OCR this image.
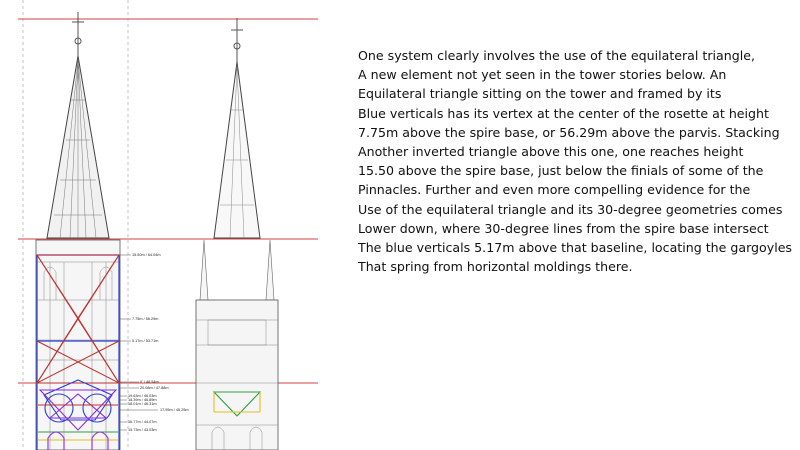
15.50m / 64.04m
7.75m / 56.29m
5.17m / 53.71m
0' / 48.54m
20.08m / 47.88m
19.63m / 46.03m
18.39m / 46.89m
18.01m / 46.31m
17.95m / 45.25m
16.77m / 44.07m
15.73m / 43.03m
One system clearly involves the use of the equilateral triangle,
A new element not yet seen in the tower stories below. An
Equilateral triangle sitting on the tower and framed by its
Blue verticals has its vertex at the center of the rosette at height
7.75m above the spire base, or 56.29m above the parvis. Stacking
Another inverted triangle above this one, one reaches height
15.50 above the spire base, just below the finials of some of the
Pinnacles. Further and even more compelling evidence for the
Use of the equilateral triangle and its 30-degree geometries comes
Lower down, where 30-degree lines from the spire base intersect
The blue verticals 5.17m above that baseline, locating the gargoyles
That spring from horizontal moldings there.
